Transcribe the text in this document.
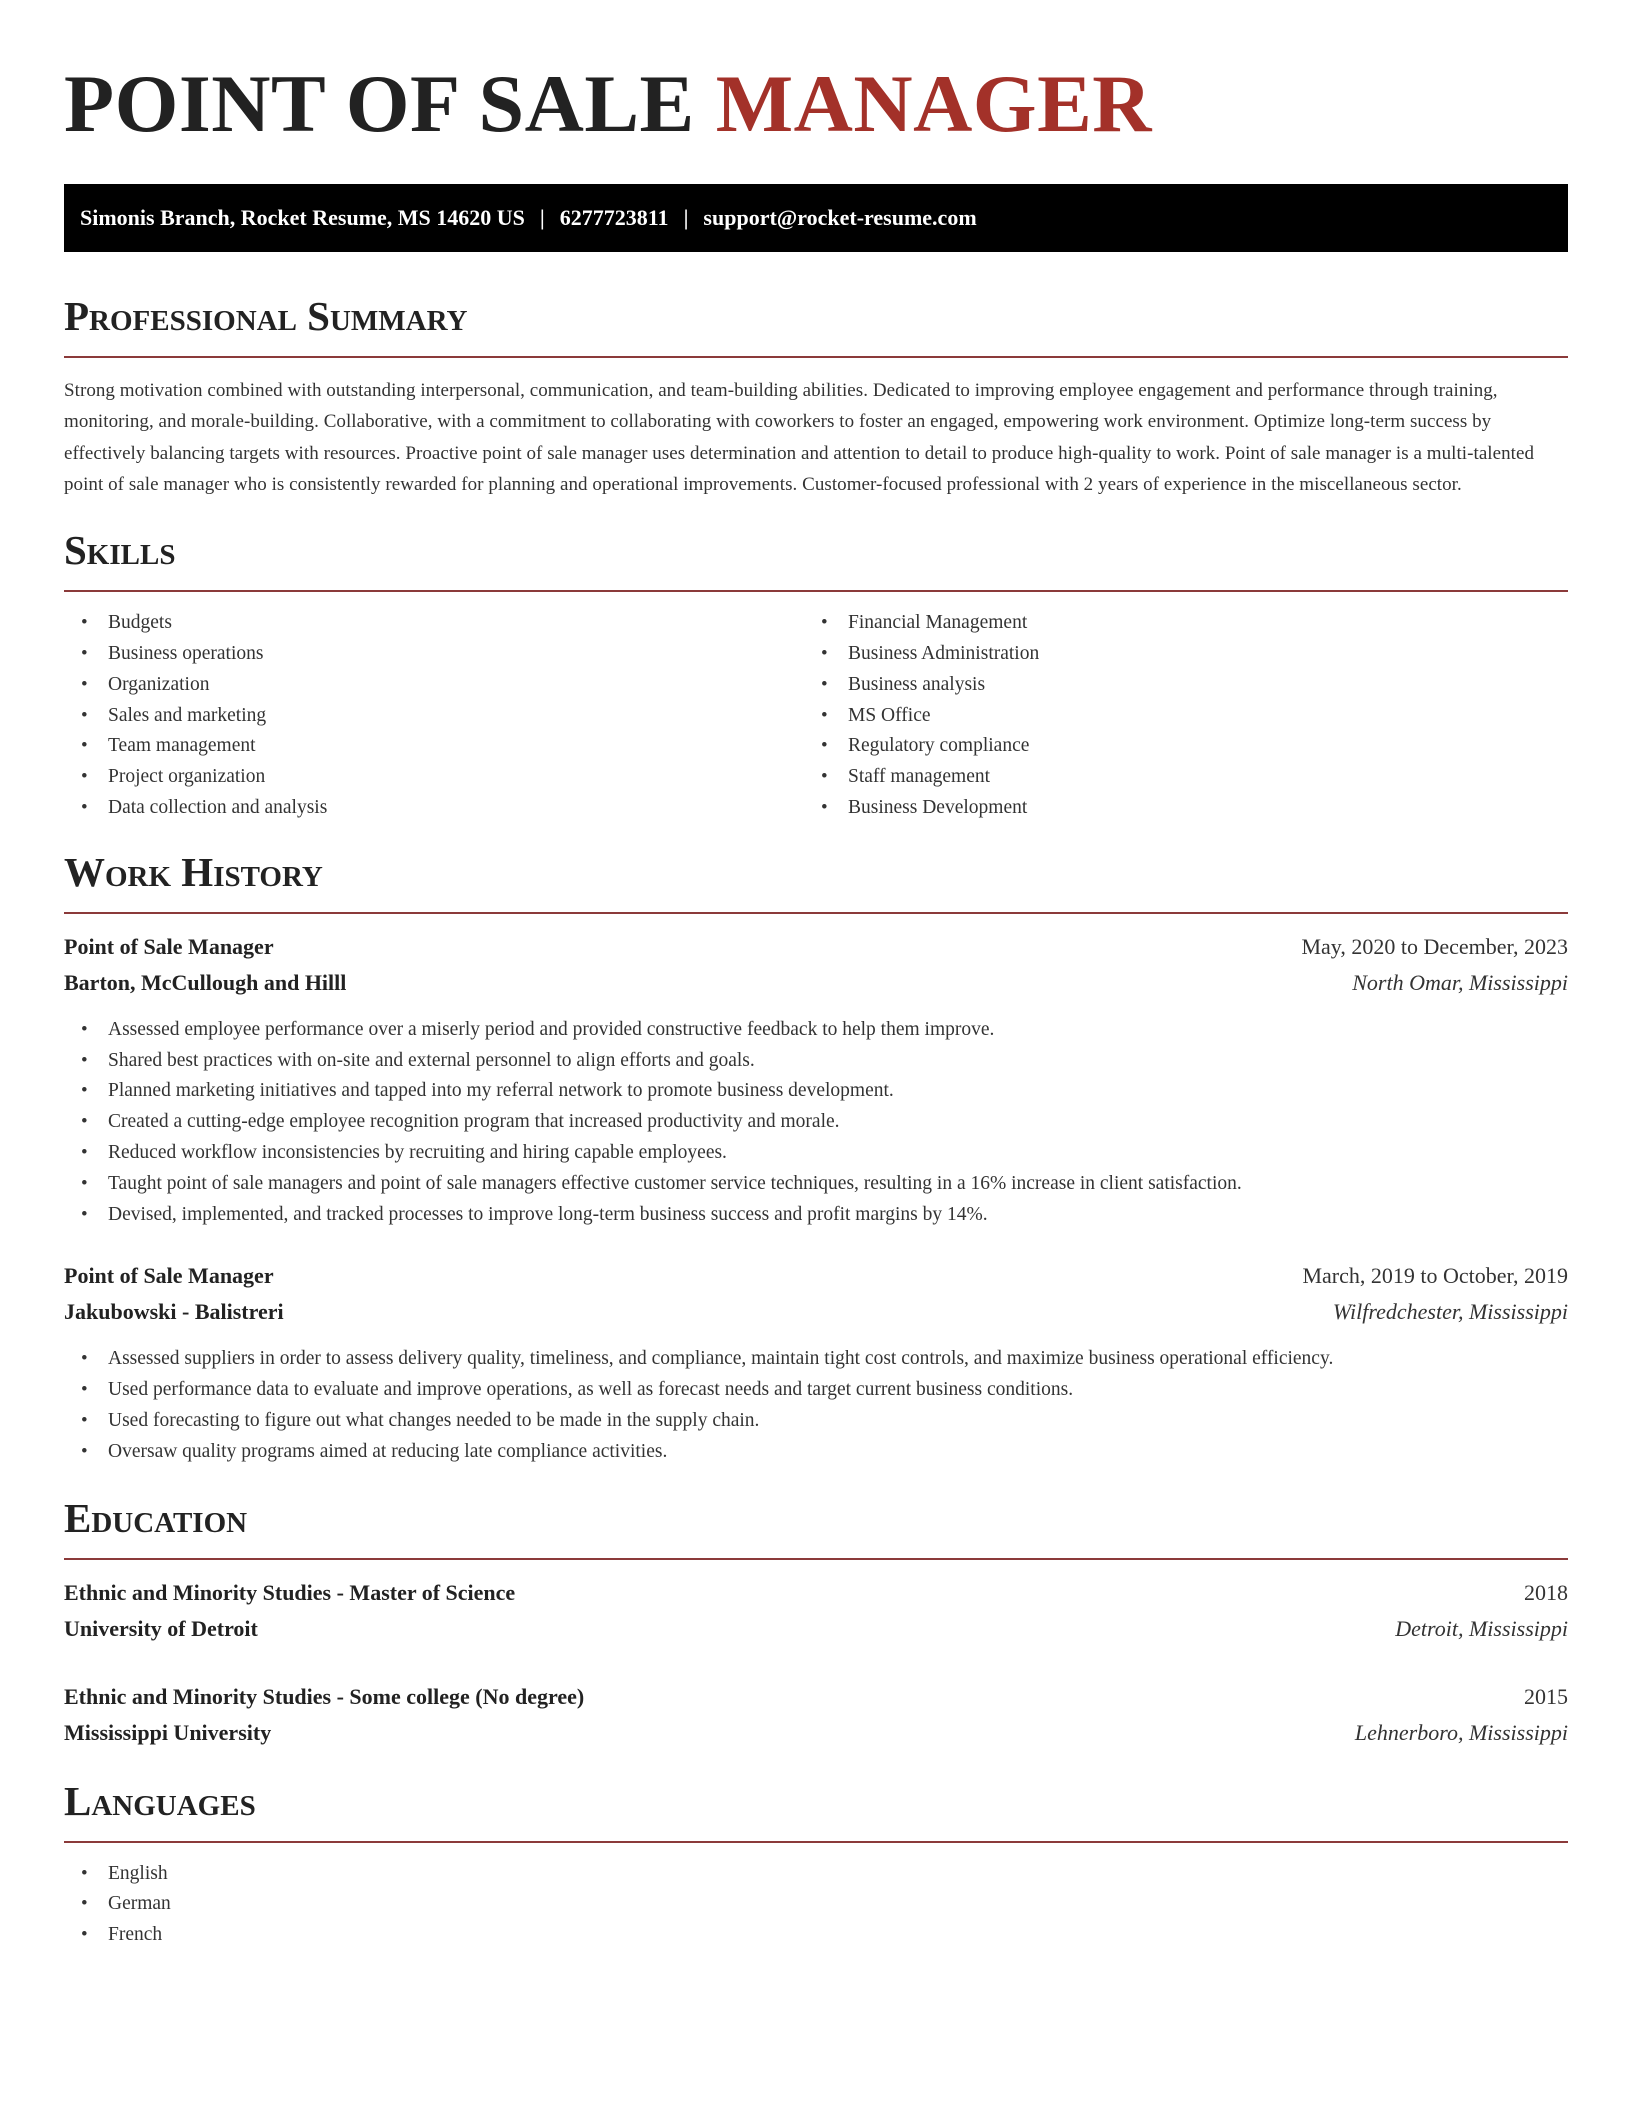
POINT OF SALE MANAGER
Simonis Branch, Rocket Resume, MS 14620 US | 6277723811 | support@rocket-resume.com
Professional Summary

Strong motivation combined with outstanding interpersonal, communication, and team-building abilities. Dedicated to improving employee engagement and performance through training, monitoring, and morale-building. Collaborative, with a commitment to collaborating with coworkers to foster an engaged, empowering work environment. Optimize long-term success by effectively balancing targets with resources. Proactive point of sale manager uses determination and attention to detail to produce high-quality to work. Point of sale manager is a multi-talented point of sale manager who is consistently rewarded for planning and operational improvements. Customer-focused professional with 2 years of experience in the miscellaneous sector.

Skills
• Budgets
• Business operations
• Organization
• Sales and marketing
• Team management
• Project organization
• Data collection and analysis
• Financial Management
• Business Administration
• Business analysis
• MS Office
• Regulatory compliance
• Staff management
• Business Development
Work History
Point of Sale Manager	May, 2020 to December, 2023
Barton, McCullough and Hilll	North Omar, Mississippi
• Assessed employee performance over a miserly period and provided constructive feedback to help them improve.
• Shared best practices with on-site and external personnel to align efforts and goals.
• Planned marketing initiatives and tapped into my referral network to promote business development.
• Created a cutting-edge employee recognition program that increased productivity and morale.
• Reduced workflow inconsistencies by recruiting and hiring capable employees.
• Taught point of sale managers and point of sale managers effective customer service techniques, resulting in a 16% increase in client satisfaction.
• Devised, implemented, and tracked processes to improve long-term business success and profit margins by 14%.
Point of Sale Manager	March, 2019 to October, 2019
Jakubowski - Balistreri	Wilfredchester, Mississippi
• Assessed suppliers in order to assess delivery quality, timeliness, and compliance, maintain tight cost controls, and maximize business operational efficiency.
• Used performance data to evaluate and improve operations, as well as forecast needs and target current business conditions.
• Used forecasting to figure out what changes needed to be made in the supply chain.
• Oversaw quality programs aimed at reducing late compliance activities.
Education
Ethnic and Minority Studies - Master of Science	2018
University of Detroit	Detroit, Mississippi
Ethnic and Minority Studies - Some college (No degree)	2015
Mississippi University	Lehnerboro, Mississippi
Languages
• English
• German
• French
